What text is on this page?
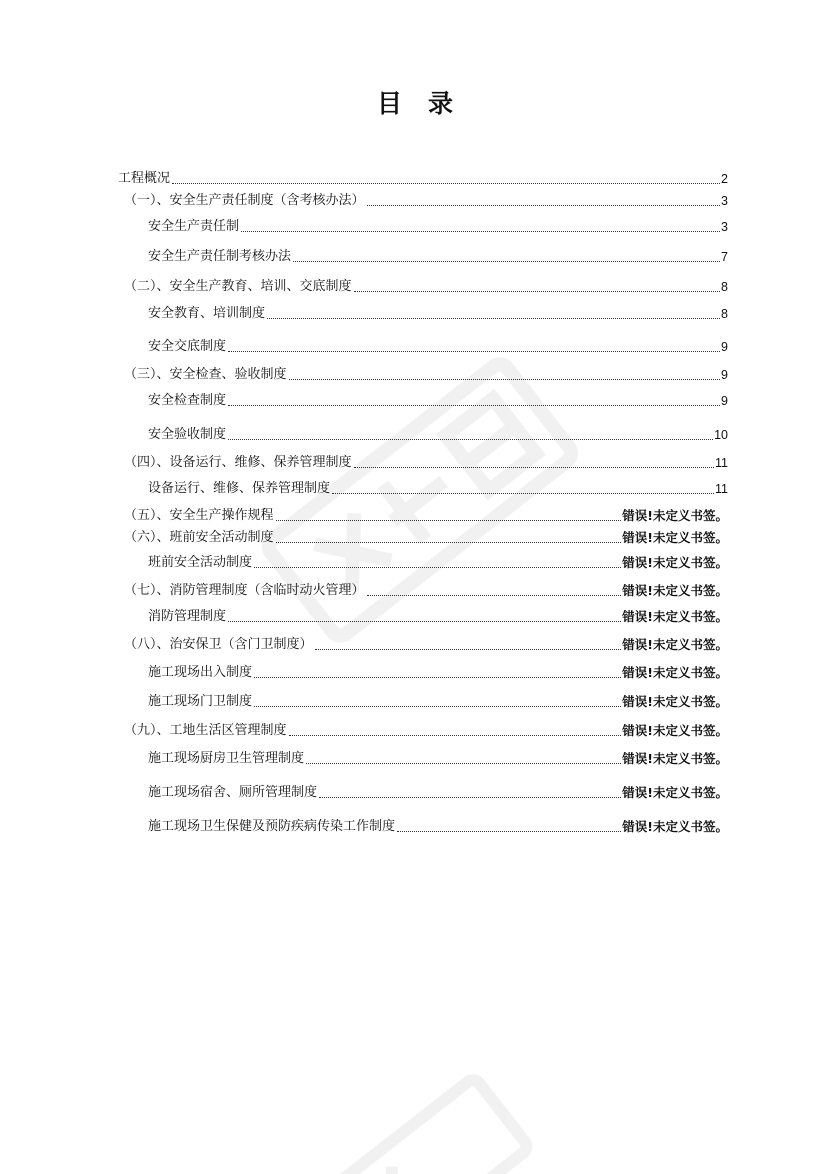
目 录
工程概况	2
（一）、安全生产责任制度（含考核办法）	3
安全生产责任制	3
安全生产责任制考核办法	7
（二）、安全生产教育、培训、交底制度	8
安全教育、培训制度	8
安全交底制度	9
（三）、安全检查、验收制度	9
安全检查制度	9
安全验收制度	10
（四）、设备运行、维修、保养管理制度	11
设备运行、维修、保养管理制度	11
（五）、安全生产操作规程	错误!未定义书签。
（六）、班前安全活动制度	错误!未定义书签。
班前安全活动制度	错误!未定义书签。
（七）、消防管理制度（含临时动火管理）	错误!未定义书签。
消防管理制度	错误!未定义书签。
（八）、治安保卫（含门卫制度）	错误!未定义书签。
施工现场出入制度	错误!未定义书签。
施工现场门卫制度	错误!未定义书签。
（九）、工地生活区管理制度	错误!未定义书签。
施工现场厨房卫生管理制度	错误!未定义书签。
施工现场宿舍、厕所管理制度	错误!未定义书签。
施工现场卫生保健及预防疾病传染工作制度	错误!未定义书签。
